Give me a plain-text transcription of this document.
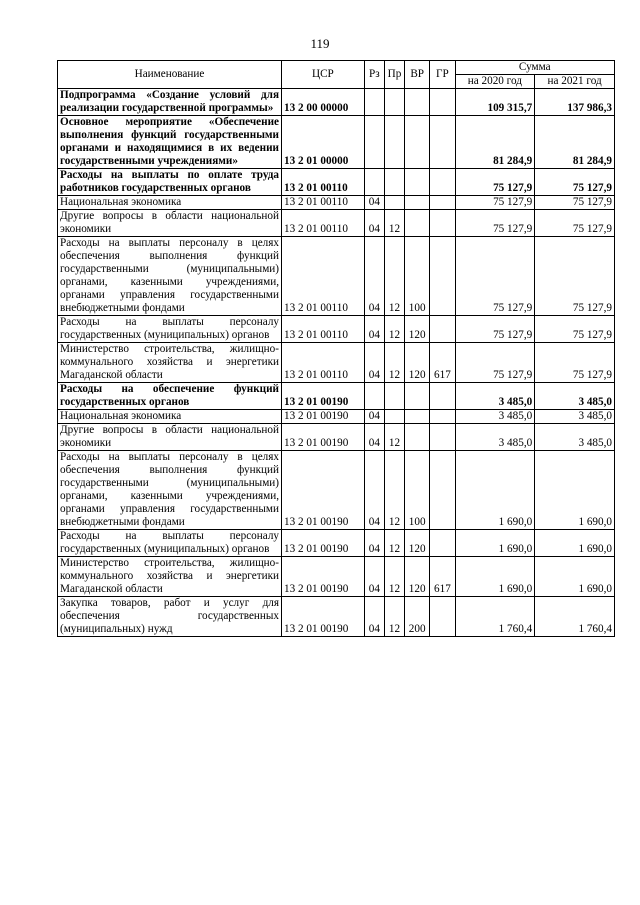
119
Наименование	ЦСР	Рз	Пр	ВР	ГР	Сумма	
						на 2020 год	на 2021 год
Подпрограмма «Создание условий для реализации государственной программы»	13 2 00 00000					109 315,7	137 986,3
Основное мероприятие «Обеспечение выполнения функций государственными органами и находящимися в их ведении государственными учреждениями»	13 2 01 00000					81 284,9	81 284,9
Расходы на выплаты по оплате труда работников государственных органов	13 2 01 00110					75 127,9	75 127,9
Национальная экономика	13 2 01 00110	04				75 127,9	75 127,9
Другие вопросы в области национальной экономики	13 2 01 00110	04	12			75 127,9	75 127,9
Расходы на выплаты персоналу в целях обеспечения выполнения функций государственными (муниципальными) органами, казенными учреждениями, органами управления государственными внебюджетными фондами	13 2 01 00110	04	12	100		75 127,9	75 127,9
Расходы на выплаты персоналу государственных (муниципальных) органов	13 2 01 00110	04	12	120		75 127,9	75 127,9
Министерство строительства, жилищно-коммунального хозяйства и энергетики Магаданской области	13 2 01 00110	04	12	120	617	75 127,9	75 127,9
Расходы на обеспечение функций государственных органов	13 2 01 00190					3 485,0	3 485,0
Национальная экономика	13 2 01 00190	04				3 485,0	3 485,0
Другие вопросы в области национальной экономики	13 2 01 00190	04	12			3 485,0	3 485,0
Расходы на выплаты персоналу в целях обеспечения выполнения функций государственными (муниципальными) органами, казенными учреждениями, органами управления государственными внебюджетными фондами	13 2 01 00190	04	12	100		1 690,0	1 690,0
Расходы на выплаты персоналу государственных (муниципальных) органов	13 2 01 00190	04	12	120		1 690,0	1 690,0
Министерство строительства, жилищно-коммунального хозяйства и энергетики Магаданской области	13 2 01 00190	04	12	120	617	1 690,0	1 690,0
Закупка товаров, работ и услуг для обеспечения государственных (муниципальных) нужд	13 2 01 00190	04	12	200		1 760,4	1 760,4
